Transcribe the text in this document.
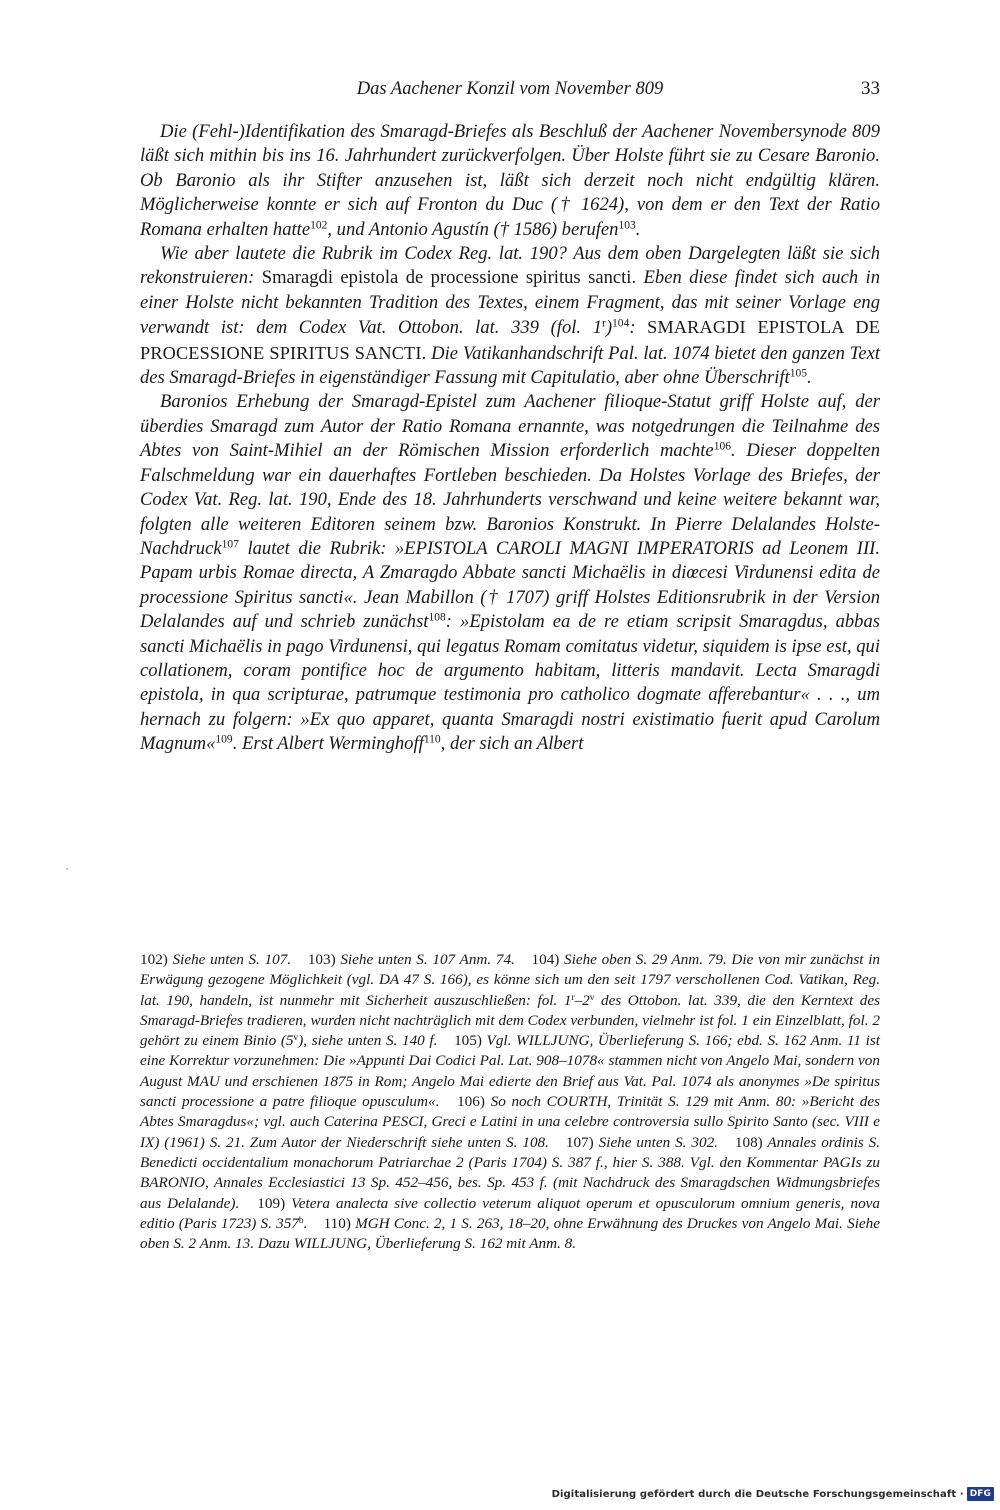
Das Aachener Konzil vom November 809	33

Die (Fehl-)Identifikation des Smaragd-Briefes als Beschluß der Aachener Novembersynode 809 läßt sich mithin bis ins 16. Jahrhundert zurückverfolgen. Über Holste führt sie zu Cesare Baronio. Ob Baronio als ihr Stifter anzusehen ist, läßt sich derzeit noch nicht endgültig klären. Möglicherweise konnte er sich auf Fronton du Duc († 1624), von dem er den Text der Ratio Romana erhalten hatte$^{102}$, und Antonio Agustín († 1586) berufen$^{103}$.

Wie aber lautete die Rubrik im Codex Reg. lat. 190? Aus dem oben Dargelegten läßt sie sich rekonstruieren: Smaragdi epistola de processione spiritus sancti. Eben diese findet sich auch in einer Holste nicht bekannten Tradition des Textes, einem Fragment, das mit seiner Vorlage eng verwandt ist: dem Codex Vat. Ottobon. lat. 339 (fol. 1$^r$)$^{104}$: SMARAGDI EPISTOLA DE PROCESSIONE SPIRITUS SANCTI. Die Vatikanhandschrift Pal. lat. 1074 bietet den ganzen Text des Smaragd-Briefes in eigenständiger Fassung mit Capitulatio, aber ohne Überschrift$^{105}$.

Baronios Erhebung der Smaragd-Epistel zum Aachener filioque-Statut griff Holste auf, der überdies Smaragd zum Autor der Ratio Romana ernannte, was notgedrungen die Teilnahme des Abtes von Saint-Mihiel an der Römischen Mission erforderlich machte$^{106}$. Dieser doppelten Falschmeldung war ein dauerhaftes Fortleben beschieden. Da Holstes Vorlage des Briefes, der Codex Vat. Reg. lat. 190, Ende des 18. Jahrhunderts verschwand und keine weitere bekannt war, folgten alle weiteren Editoren seinem bzw. Baronios Konstrukt. In Pierre Delalandes Holste-Nachdruck$^{107}$ lautet die Rubrik: »EPISTOLA CAROLI MAGNI IMPERATORIS ad Leonem III. Papam urbis Romae directa, A Zmaragdo Abbate sancti Michaëlis in diœcesi Virdunensi edita de processione Spiritus sancti«. Jean Mabillon († 1707) griff Holstes Editionsrubrik in der Version Delalandes auf und schrieb zunächst$^{108}$: »Epistolam ea de re etiam scripsit Smaragdus, abbas sancti Michaëlis in pago Virdunensi, qui legatus Romam comitatus videtur, siquidem is ipse est, qui collationem, coram pontifice hoc de argumento habitam, litteris mandavit. Lecta Smaragdi epistola, in qua scripturae, patrumque testimonia pro catholico dogmate afferebantur« . . ., um hernach zu folgern: »Ex quo apparet, quanta Smaragdi nostri existimatio fuerit apud Carolum Magnum«$^{109}$. Erst Albert Werminghoff$^{110}$, der sich an Albert

102) Siehe unten S. 107. 103) Siehe unten S. 107 Anm. 74. 104) Siehe oben S. 29 Anm. 79. Die von mir zunächst in Erwägung gezogene Möglichkeit (vgl. DA 47 S. 166), es könne sich um den seit 1797 verschollenen Cod. Vatikan, Reg. lat. 190, handeln, ist nunmehr mit Sicherheit auszuschließen: fol. 1$^r$–2$^v$ des Ottobon. lat. 339, die den Kerntext des Smaragd-Briefes tradieren, wurden nicht nachträglich mit dem Codex verbunden, vielmehr ist fol. 1 ein Einzelblatt, fol. 2 gehört zu einem Binio (5$^v$), siehe unten S. 140 f. 105) Vgl. WILLJUNG, Überlieferung S. 166; ebd. S. 162 Anm. 11 ist eine Korrektur vorzunehmen: Die »Appunti Dai Codici Pal. Lat. 908–1078« stammen nicht von Angelo Mai, sondern von August MAU und erschienen 1875 in Rom; Angelo Mai edierte den Brief aus Vat. Pal. 1074 als anonymes »De spiritus sancti processione a patre filioque opusculum«. 106) So noch COURTH, Trinität S. 129 mit Anm. 80: »Bericht des Abtes Smaragdus«; vgl. auch Caterina PESCI, Greci e Latini in una celebre controversia sullo Spirito Santo (sec. VIII e IX) (1961) S. 21. Zum Autor der Niederschrift siehe unten S. 108. 107) Siehe unten S. 302. 108) Annales ordinis S. Benedicti occidentalium monachorum Patriarchae 2 (Paris 1704) S. 387 f., hier S. 388. Vgl. den Kommentar PAGIs zu BARONIO, Annales Ecclesiastici 13 Sp. 452–456, bes. Sp. 453 f. (mit Nachdruck des Smaragdschen Widmungsbriefes aus Delalande). 109) Vetera analecta sive collectio veterum aliquot operum et opusculorum omnium generis, nova editio (Paris 1723) S. 357$^b$. 110) MGH Conc. 2, 1 S. 263, 18–20, ohne Erwähnung des Druckes von Angelo Mai. Siehe oben S. 2 Anm. 13. Dazu WILLJUNG, Überlieferung S. 162 mit Anm. 8.
Digitalisierung gefördert durch die Deutsche Forschungsgemeinschaft · DFG
